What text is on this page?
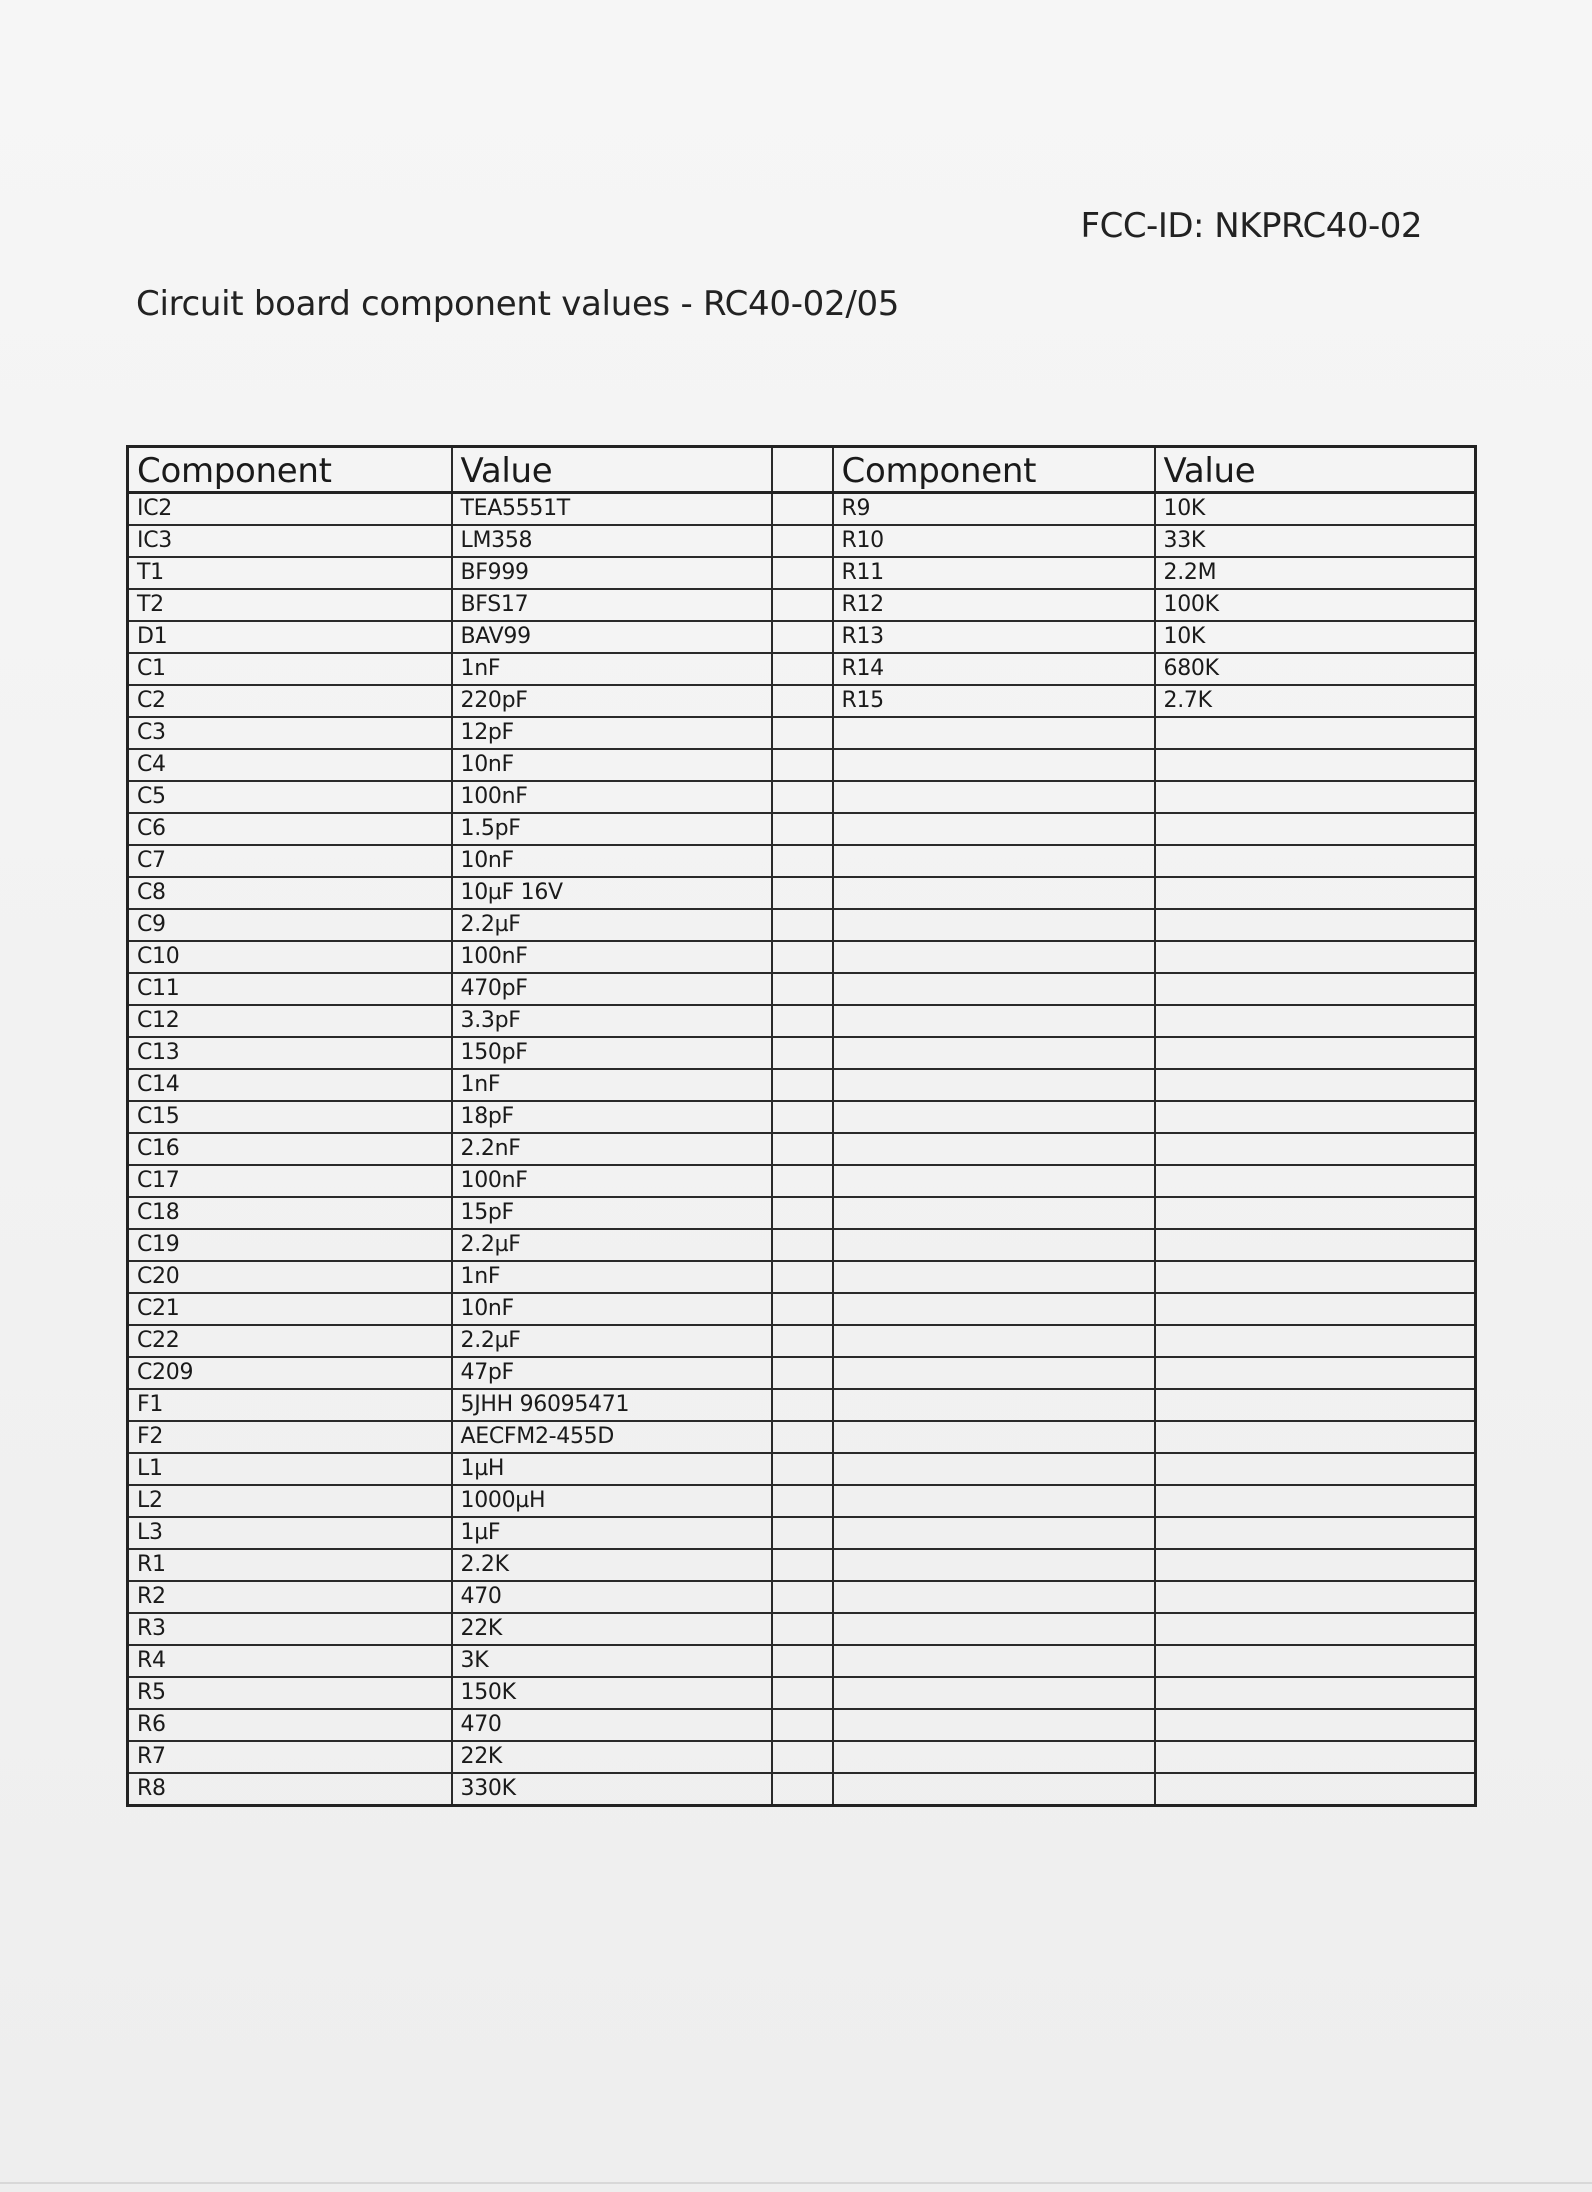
FCC-ID: NKPRC40-02
Circuit board component values - RC40-02/05
Component	Value		Component	Value
IC2	TEA5551T		R9	10K
IC3	LM358		R10	33K
T1	BF999		R11	2.2M
T2	BFS17		R12	100K
D1	BAV99		R13	10K
C1	1nF		R14	680K
C2	220pF		R15	2.7K
C3	12pF			
C4	10nF			
C5	100nF			
C6	1.5pF			
C7	10nF			
C8	10µF 16V			
C9	2.2µF			
C10	100nF			
C11	470pF			
C12	3.3pF			
C13	150pF			
C14	1nF			
C15	18pF			
C16	2.2nF			
C17	100nF			
C18	15pF			
C19	2.2µF			
C20	1nF			
C21	10nF			
C22	2.2µF			
C209	47pF			
F1	5JHH 96095471			
F2	AECFM2-455D			
L1	1µH			
L2	1000µH			
L3	1µF			
R1	2.2K			
R2	470			
R3	22K			
R4	3K			
R5	150K			
R6	470			
R7	22K			
R8	330K			
